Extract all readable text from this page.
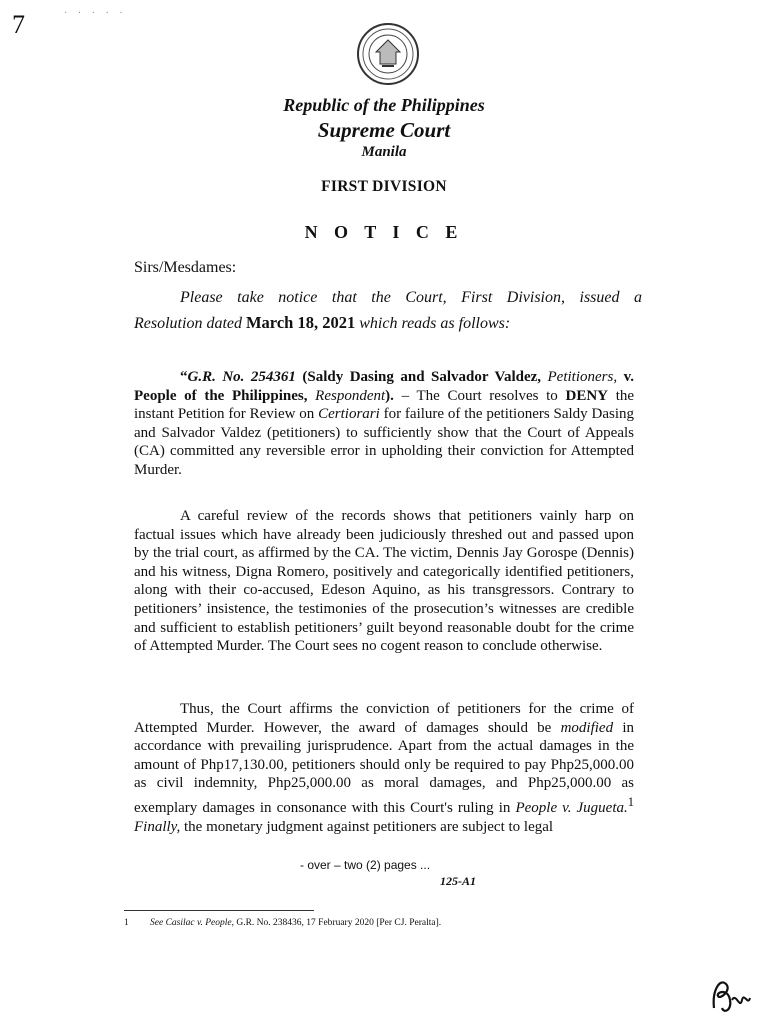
7	· · · · ·
Republic of the Philippines
Supreme Court
Manila
FIRST DIVISION
N O T I C E
Sirs/Mesdames:
Please take notice that the Court, First Division, issued a
Resolution dated March 18, 2021 which reads as follows:

“G.R. No. 254361 (Saldy Dasing and Salvador Valdez, Petitioners, v. People of the Philippines, Respondent). – The Court resolves to DENY the instant Petition for Review on Certiorari for failure of the petitioners Saldy Dasing and Salvador Valdez (petitioners) to sufficiently show that the Court of Appeals (CA) committed any reversible error in upholding their conviction for Attempted Murder.

A careful review of the records shows that petitioners vainly harp on factual issues which have already been judiciously threshed out and passed upon by the trial court, as affirmed by the CA. The victim, Dennis Jay Gorospe (Dennis) and his witness, Digna Romero, positively and categorically identified petitioners, along with their co-accused, Edeson Aquino, as his transgressors. Contrary to petitioners’ insistence, the testimonies of the prosecution’s witnesses are credible and sufficient to establish petitioners’ guilt beyond reasonable doubt for the crime of Attempted Murder. The Court sees no cogent reason to conclude otherwise.

Thus, the Court affirms the conviction of petitioners for the crime of Attempted Murder. However, the award of damages should be modified in accordance with prevailing jurisprudence. Apart from the actual damages in the amount of Php17,130.00, petitioners should only be required to pay Php25,000.00 as civil indemnity, Php25,000.00 as moral damages, and Php25,000.00 as exemplary damages in consonance with this Court's ruling in People v. Jugueta.$^1$ Finally, the monetary judgment against petitioners are subject to legal

- over – two (2) pages ...
125-A1
1 See Casilac v. People, G.R. No. 238436, 17 February 2020 [Per CJ. Peralta].
